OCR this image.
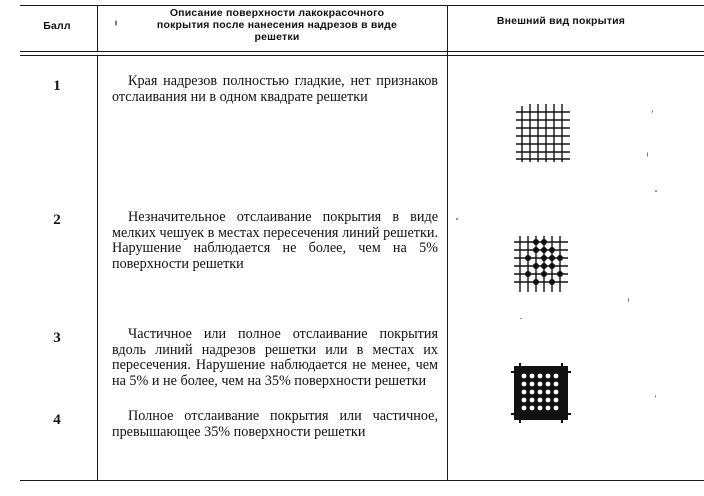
Балл
Описание поверхности лакокрасочного покрытия после нанесения надрезов в виде решетки
Внешний вид покрытия
1	Края надрезов полностью гладкие, нет признаков отслаивания ни в одном квадрате решетки

2	Незначительное отслаивание покрытия в виде мелких чешуек в местах пересечения линий решетки. Нарушение наблюдается не более, чем на 5% поверхности решетки

3	Частичное или полное отслаивание покрытия вдоль линий надрезов решетки или в местах их пересечения. Нарушение наблюдается не менее, чем на 5% и не более, чем на 35% поверхности решетки

4	Полное отслаивание покрытия или частичное, превышающее 35% поверхности решетки
